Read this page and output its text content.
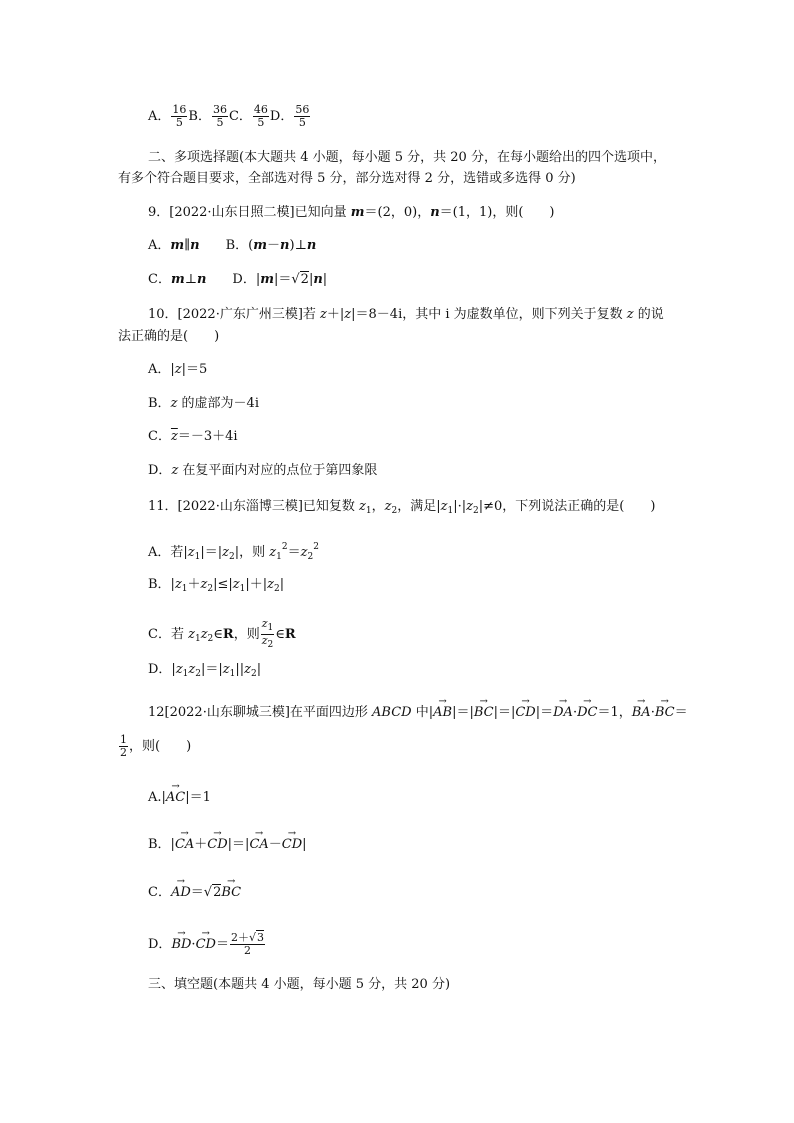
A． $\frac{16}{5}$ B． $\frac{36}{5}$ C． $\frac{46}{5}$ D． $\frac{56}{5}$
二、多项选择题(本大题共 4 小题，每小题 5 分，共 20 分，在每小题给出的四个选项中，
有多个符合题目要求，全部选对得 5 分，部分选对得 2 分，选错或多选得 0 分)
9．[2022·山东日照二模]已知向量 m＝(2，0)，n＝(1，1)，则(　　)
A．m∥n　　B．(m－n)⊥n
C．m⊥n　　D．|m|＝√2|n|
10．[2022·广东广州三模]若 z＋|z|＝8－4i，其中 i 为虚数单位，则下列关于复数 z 的说
法正确的是(　　)
A．|z|＝5
B．z 的虚部为－4i
C．$\overline{z}=-3+4i$
D．z 在复平面内对应的点位于第四象限
11．[2022·山东淄博三模]已知复数 $z_1$，$z_2$，满足$|z_1|\cdot|z_2|\ne 0$，下列说法正确的是(　　)
A．若$|z_1|=|z_2|$，则 $z_1^2=z_2^2$
B．$|z_1+z_2|\le|z_1|+|z_2|$
C．若 $z_1z_2\in R$，则 $\frac{z_1}{z_2}$ ∈R
D．$|z_1z_2|=|z_1||z_2|$
12[2022·山东聊城三模]在平面四边形 ABCD 中|→ AB|＝|→ BC|＝|→ CD|＝→ DA·→ DC＝1，→ BA·→ BC＝
$\frac{1}{2}$ ，则(　　)
A.|→ AC|＝1
B．|→ CA＋→ CD|＝|→ CA－→ CD|
C．→ AD＝√2→ BC
D．→ $BD\cdot\to CD= \frac{2+√3}{2}$
三、填空题(本题共 4 小题，每小题 5 分，共 20 分)
